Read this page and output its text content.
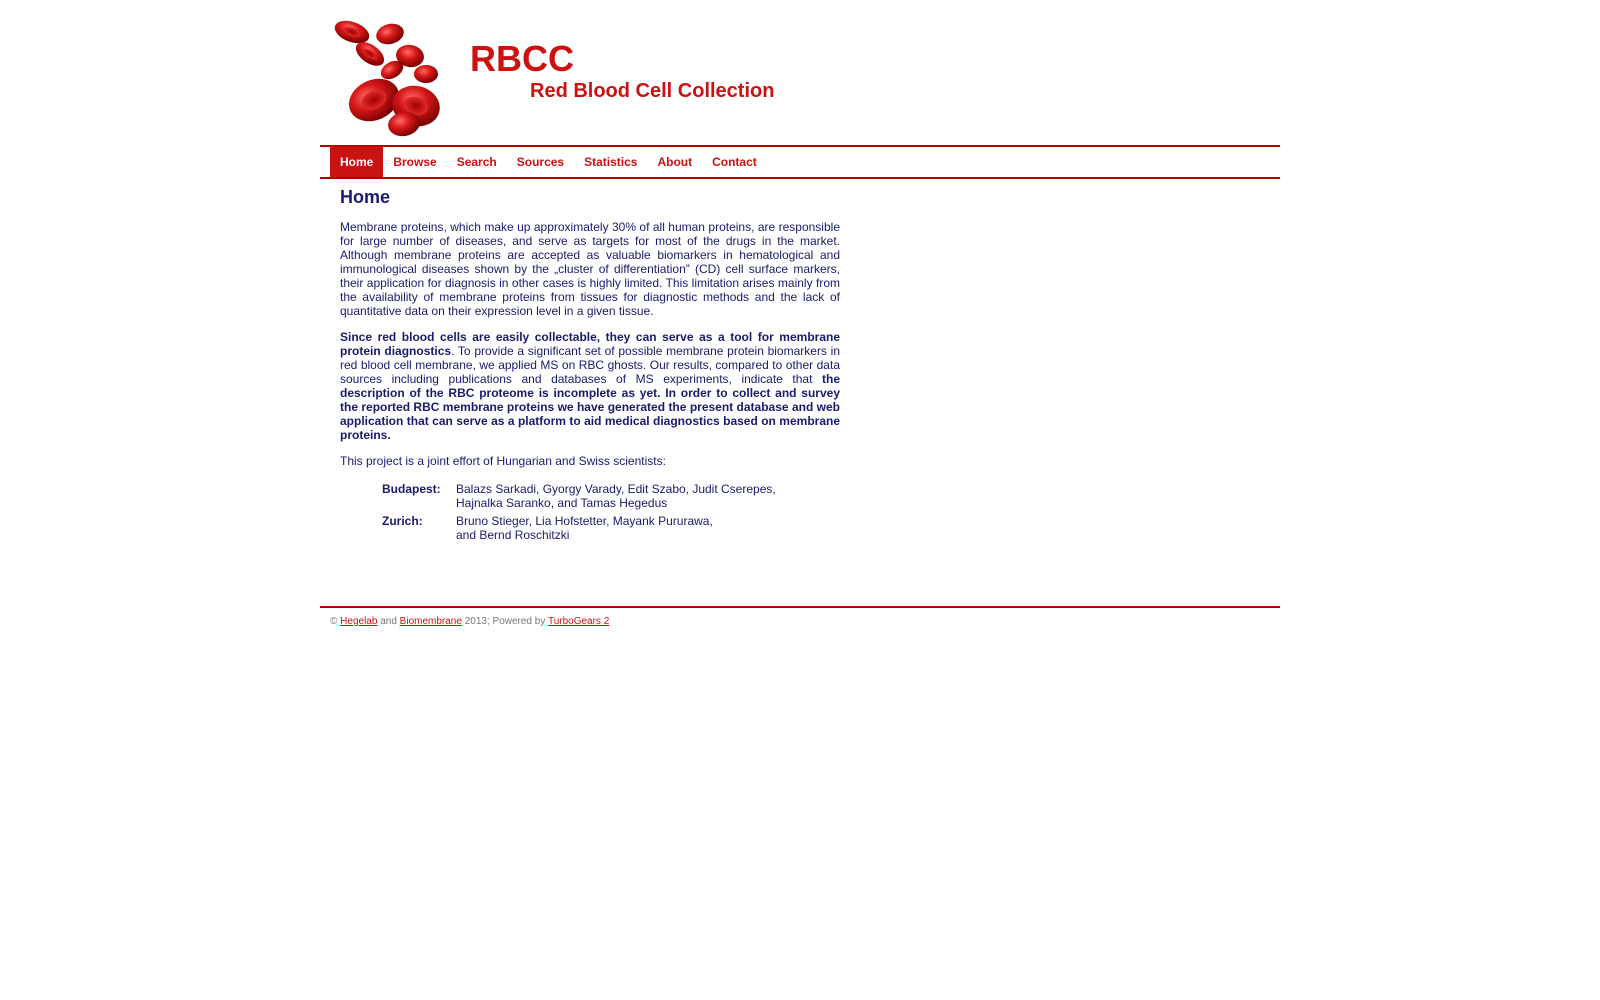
RBCC
Red Blood Cell Collection
Home	Browse	Search	Sources	Statistics	About	Contact
Home

Membrane proteins, which make up approximately 30% of all human proteins, are responsible for large number of diseases, and serve as targets for most of the drugs in the market. Although membrane proteins are accepted as valuable biomarkers in hematological and immunological diseases shown by the „cluster of differentiation” (CD) cell surface markers, their application for diagnosis in other cases is highly limited. This limitation arises mainly from the availability of membrane proteins from tissues for diagnostic methods and the lack of quantitative data on their expression level in a given tissue.

Since red blood cells are easily collectable, they can serve as a tool for membrane protein diagnostics. To provide a significant set of possible membrane protein biomarkers in red blood cell membrane, we applied MS on RBC ghosts. Our results, compared to other data sources including publications and databases of MS experiments, indicate that the description of the RBC proteome is incomplete as yet. In order to collect and survey the reported RBC membrane proteins we have generated the present database and web application that can serve as a platform to aid medical diagnostics based on membrane proteins.

This project is a joint effort of Hungarian and Swiss scientists:

Budapest:	Balazs Sarkadi, Gyorgy Varady, Edit Szabo, Judit Cserepes,
Hajnalka Saranko, and Tamas Hegedus

Zurich:	Bruno Stieger, Lia Hofstetter, Mayank Pururawa,
and Bernd Roschitzki
© Hegelab and Biomembrane 2013; Powered by TurboGears 2
